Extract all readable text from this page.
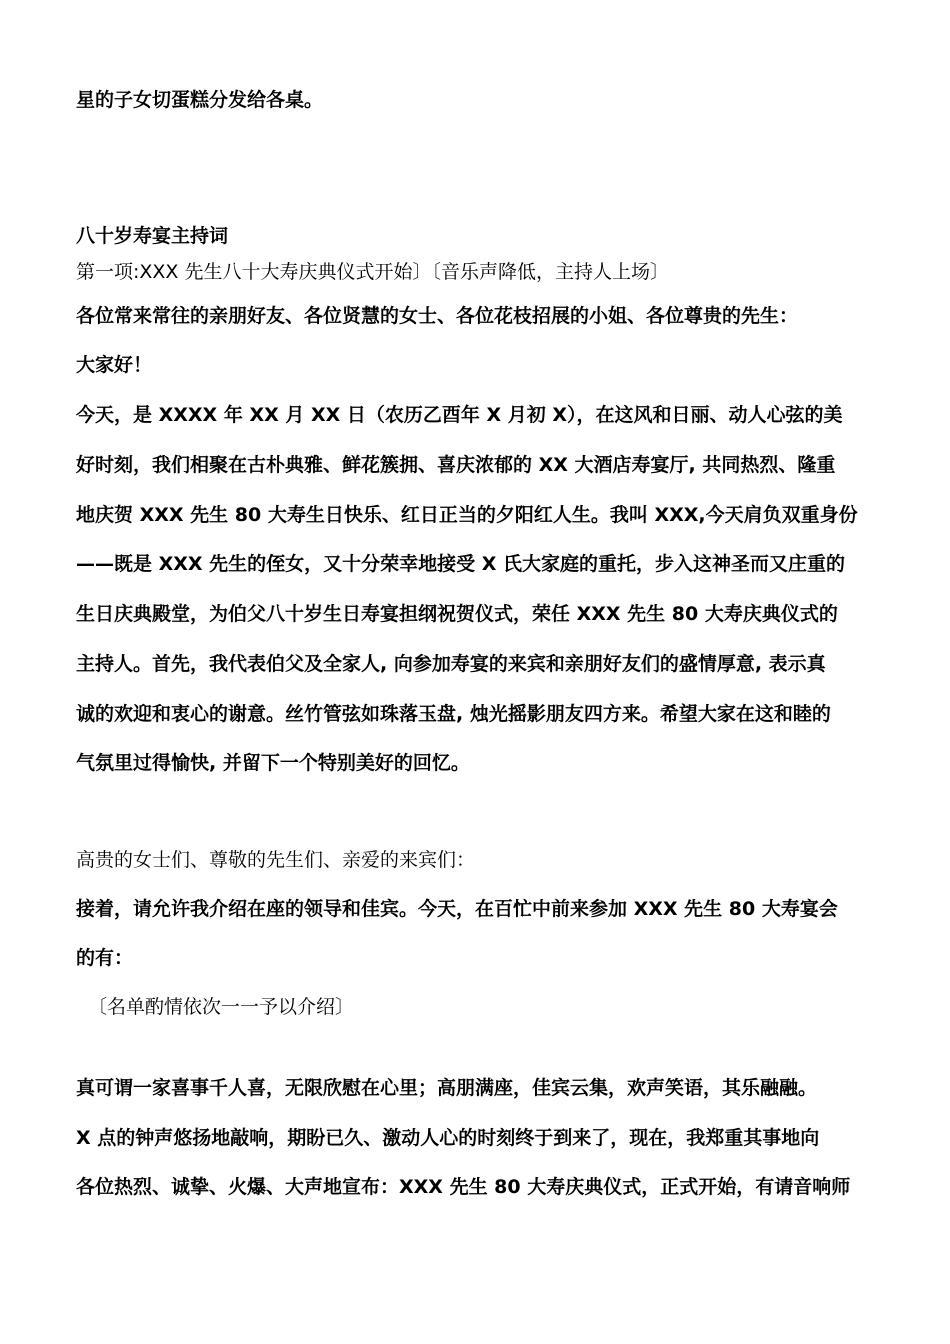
星的子女切蛋糕分发给各桌。
八十岁寿宴主持词
第一项:XXX 先生八十大寿庆典仪式开始〕〔音乐声降低，主持人上场〕
各位常来常往的亲朋好友、各位贤慧的女士、各位花枝招展的小姐、各位尊贵的先生：
大家好！
今天，是 XXXX 年 XX 月 XX 日（农历乙酉年 X 月初 X），在这风和日丽、动人心弦的美
好时刻，我们相聚在古朴典雅、鲜花簇拥、喜庆浓郁的 XX 大酒店寿宴厅, 共同热烈、隆重
地庆贺 XXX 先生 80 大寿生日快乐、红日正当的夕阳红人生。我叫 XXX,今天肩负双重身份
——既是 XXX 先生的侄女，又十分荣幸地接受 X 氏大家庭的重托，步入这神圣而又庄重的
生日庆典殿堂，为伯父八十岁生日寿宴担纲祝贺仪式，荣任 XXX 先生 80 大寿庆典仪式的
主持人。首先，我代表伯父及全家人, 向参加寿宴的来宾和亲朋好友们的盛情厚意, 表示真
诚的欢迎和衷心的谢意。丝竹管弦如珠落玉盘, 烛光摇影朋友四方来。希望大家在这和睦的
气氛里过得愉快, 并留下一个特别美好的回忆。
高贵的女士们、尊敬的先生们、亲爱的来宾们：
接着，请允许我介绍在座的领导和佳宾。今天，在百忙中前来参加 XXX 先生 80 大寿宴会
的有：
〔名单酌情依次一一予以介绍〕
真可谓一家喜事千人喜，无限欣慰在心里；高朋满座，佳宾云集，欢声笑语，其乐融融。
X 点的钟声悠扬地敲响，期盼已久、激动人心的时刻终于到来了，现在，我郑重其事地向
各位热烈、诚挚、火爆、大声地宣布：XXX 先生 80 大寿庆典仪式，正式开始，有请音响师
